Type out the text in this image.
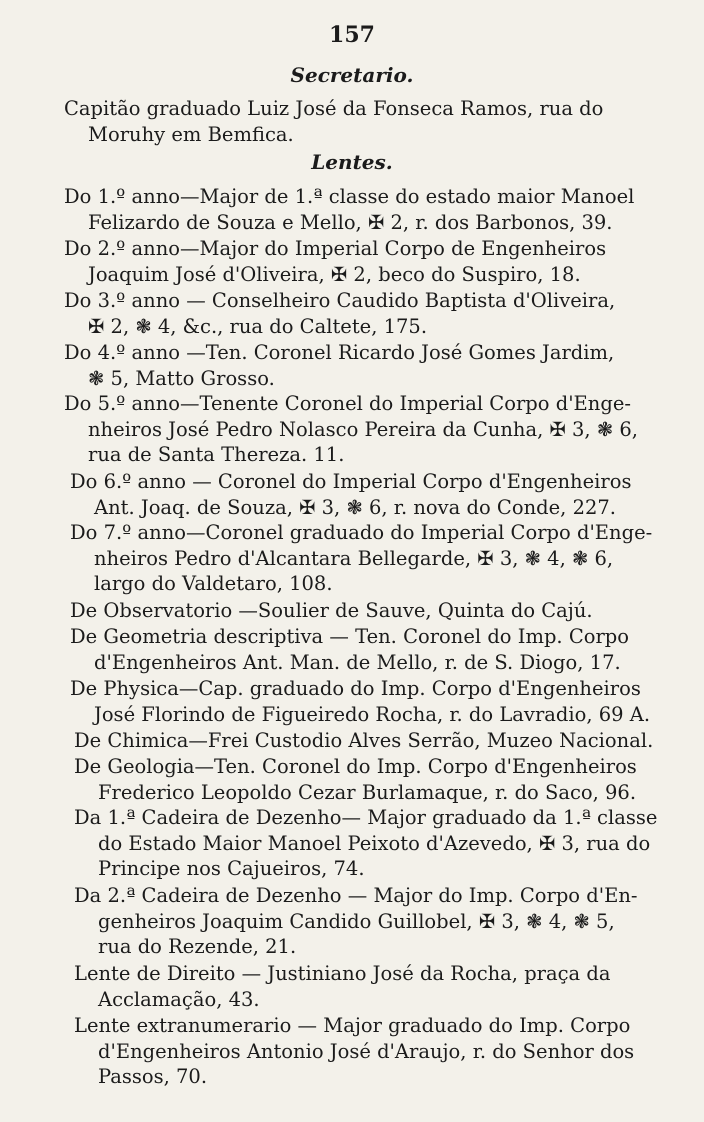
157
Secretario.
Lentes.
Capitão graduado Luiz José da Fonseca Ramos, rua do
Moruhy em Bemfica.
Do 1.º anno—Major de 1.ª classe do estado maior Manoel
Felizardo de Souza e Mello, ✠ 2, r. dos Barbonos, 39.
Do 2.º anno—Major do Imperial Corpo de Engenheiros
Joaquim José d'Oliveira, ✠ 2, beco do Suspiro, 18.
Do 3.º anno — Conselheiro Caudido Baptista d'Oliveira,
✠ 2, ❃ 4, &c., rua do Caltete, 175.
Do 4.º anno —Ten. Coronel Ricardo José Gomes Jardim,
❃ 5, Matto Grosso.
Do 5.º anno—Tenente Coronel do Imperial Corpo d'Enge-
nheiros José Pedro Nolasco Pereira da Cunha, ✠ 3, ❃ 6,
rua de Santa Thereza. 11.
Do 6.º anno — Coronel do Imperial Corpo d'Engenheiros
Ant. Joaq. de Souza, ✠ 3, ❃ 6, r. nova do Conde, 227.
Do 7.º anno—Coronel graduado do Imperial Corpo d'Enge-
nheiros Pedro d'Alcantara Bellegarde, ✠ 3, ❃ 4, ❃ 6,
largo do Valdetaro, 108.
De Observatorio —Soulier de Sauve, Quinta do Cajú.
De Geometria descriptiva — Ten. Coronel do Imp. Corpo
d'Engenheiros Ant. Man. de Mello, r. de S. Diogo, 17.
De Physica—Cap. graduado do Imp. Corpo d'Engenheiros
José Florindo de Figueiredo Rocha, r. do Lavradio, 69 A.
De Chimica—Frei Custodio Alves Serrão, Muzeo Nacional.
De Geologia—Ten. Coronel do Imp. Corpo d'Engenheiros
Frederico Leopoldo Cezar Burlamaque, r. do Saco, 96.
Da 1.ª Cadeira de Dezenho— Major graduado da 1.ª classe
do Estado Maior Manoel Peixoto d'Azevedo, ✠ 3, rua do
Principe nos Cajueiros, 74.
Da 2.ª Cadeira de Dezenho — Major do Imp. Corpo d'En-
genheiros Joaquim Candido Guillobel, ✠ 3, ❃ 4, ❃ 5,
rua do Rezende, 21.
Lente de Direito — Justiniano José da Rocha, praça da
Acclamação, 43.
Lente extranumerario — Major graduado do Imp. Corpo
d'Engenheiros Antonio José d'Araujo, r. do Senhor dos
Passos, 70.
